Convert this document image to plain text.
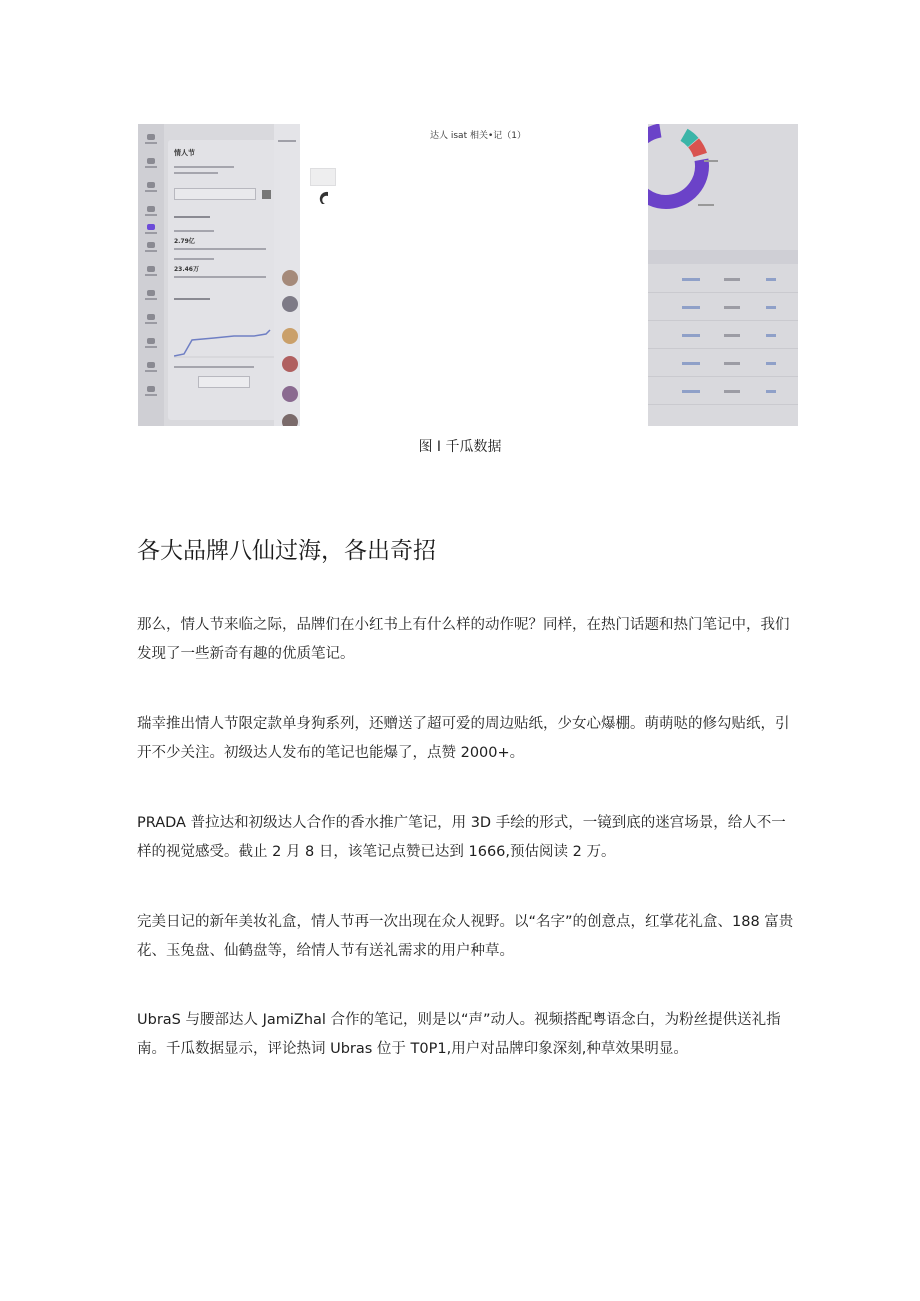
情人节
2.79亿
23.46万
达人 isat 相关•记（1）
图 I 千瓜数据
各大品牌八仙过海，各出奇招

那么，情人节来临之际，品牌们在小红书上有什么样的动作呢？同样，在热门话题和热门笔记中，我们发现了一些新奇有趣的优质笔记。

瑞幸推出情人节限定款单身狗系列，还赠送了超可爱的周边贴纸，少女心爆棚。萌萌哒的修勾贴纸，引开不少关注。初级达人发布的笔记也能爆了，点赞 2000+。

PRADA 普拉达和初级达人合作的香水推广笔记，用 3D 手绘的形式，一镜到底的迷宫场景，给人不一样的视觉感受。截止 2 月 8 日，该笔记点赞已达到 1666,预估阅读 2 万。

完美日记的新年美妆礼盒，情人节再一次出现在众人视野。以“名字”的创意点，红掌花礼盒、188 富贵花、玉兔盘、仙鹤盘等，给情人节有送礼需求的用户种草。

UbraS 与腰部达人 JamiZhal 合作的笔记，则是以“声”动人。视频搭配粤语念白，为粉丝提供送礼指南。千瓜数据显示，评论热词 Ubras 位于 T0P1,用户对品牌印象深刻,种草效果明显。
